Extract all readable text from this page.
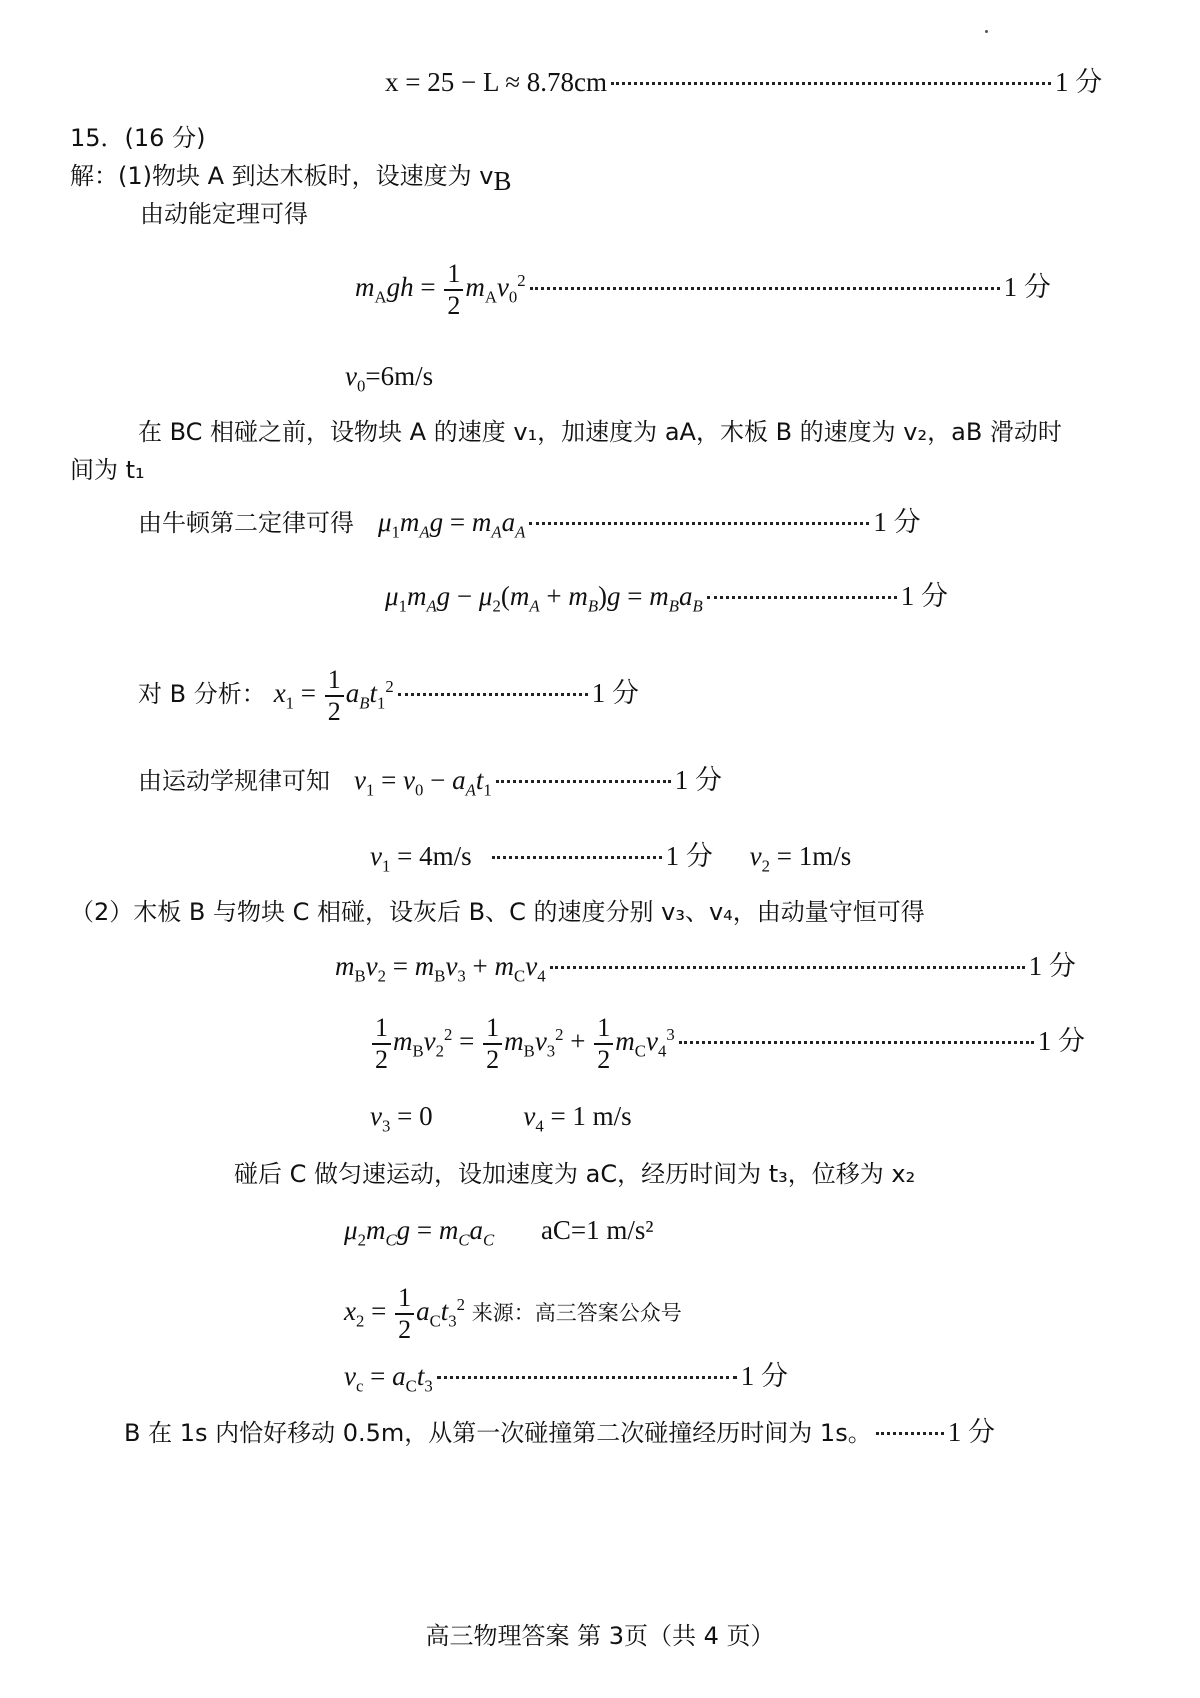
x = 25 − L ≈ 8.78cm	1 分
15．(16 分)
解：(1)物块 A 到达木板时，设速度为 $v_B$
由动能定理可得
$m_Agh = \frac{1}{2} m_Av_0^2$	1 分
$v_0=6m/s$
在 BC 相碰之前，设物块 A 的速度 v₁，加速度为 aA，木板 B 的速度为 v₂，aB 滑动时
间为 t₁
由牛顿第二定律可得 $\mu_1m_Ag = m_Aa_A$	1 分
$\mu_1m_Ag - \mu_2(m_A + m_B)g = m_Ba_B$	1 分
对 B 分析： $x_1 = \frac{1}{2} a_Bt_1^2$	1 分
由运动学规律可知 $v_1 = v_0 - a_At_1$	1 分
$v_1 = 4m/s$	1 分 $v_2 = 1m/s$
（2）木板 B 与物块 C 相碰，设灰后 B、C 的速度分别 v₃、v₄，由动量守恒可得
$m_Bv_2 = m_Bv_3 + m_Cv_4$	1 分
$\frac{1}{2} m_Bv_2^2 = \frac{1}{2} m_Bv_3^2 + \frac{1}{2} m_Cv_4^3$	1 分
$v_3 = 0$	$v_4 = 1$ m/s
碰后 C 做匀速运动，设加速度为 aC，经历时间为 t₃，位移为 x₂
$\mu_2m_Cg = m_Ca_C$ aC=1 m/s²
$x_2 = \frac{1}{2} a_Ct_3^2$ 来源：高三答案公众号
$v_c = a_Ct_3$	1 分
B 在 1s 内恰好移动 0.5m，从第一次碰撞第二次碰撞经历时间为 1s。	1 分
高三物理答案 第 3页（共 4 页）
